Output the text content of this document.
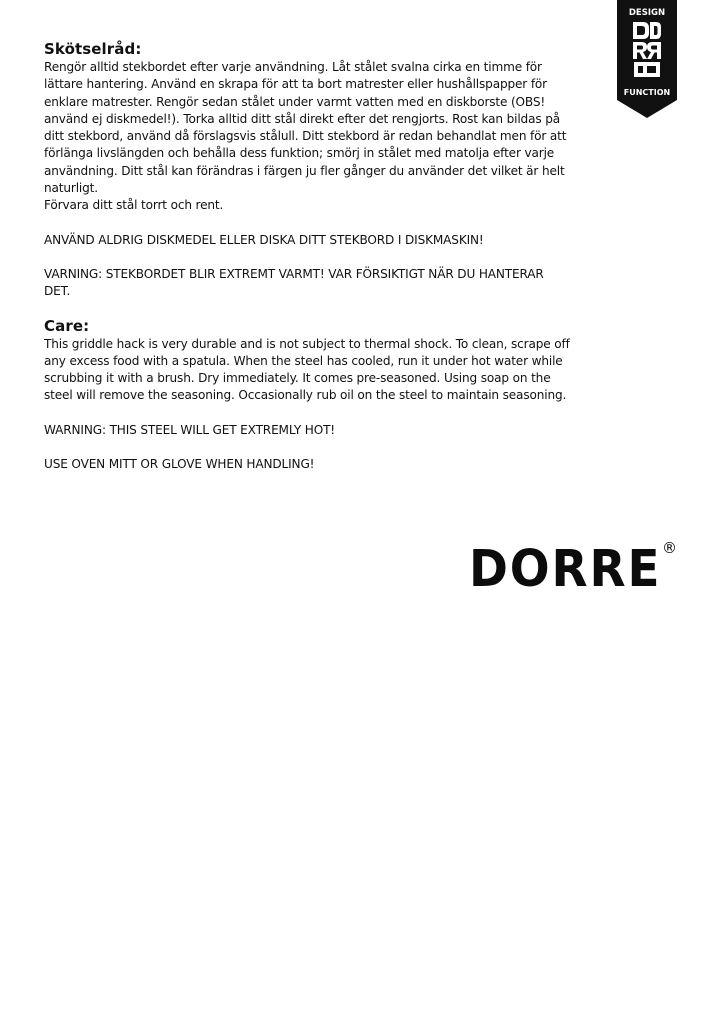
DESIGN
FUNCTION
Skötselråd:

Rengör alltid stekbordet efter varje användning. Låt stålet svalna cirka en timme för

lättare hantering. Använd en skrapa för att ta bort matrester eller hushållspapper för

enklare matrester. Rengör sedan stålet under varmt vatten med en diskborste (OBS!

använd ej diskmedel!). Torka alltid ditt stål direkt efter det rengjorts. Rost kan bildas på

ditt stekbord, använd då förslagsvis stålull. Ditt stekbord är redan behandlat men för att

förlänga livslängden och behålla dess funktion; smörj in stålet med matolja efter varje

användning. Ditt stål kan förändras i färgen ju fler gånger du använder det vilket är helt

naturligt.

Förvara ditt stål torrt och rent.

ANVÄND ALDRIG DISKMEDEL ELLER DISKA DITT STEKBORD I DISKMASKIN!

VARNING: STEKBORDET BLIR EXTREMT VARMT! VAR FÖRSIKTIGT NÄR DU HANTERAR

DET.

Care:

This griddle hack is very durable and is not subject to thermal shock. To clean, scrape off

any excess food with a spatula. When the steel has cooled, run it under hot water while

scrubbing it with a brush. Dry immediately. It comes pre-seasoned. Using soap on the

steel will remove the seasoning. Occasionally rub oil on the steel to maintain seasoning.

WARNING: THIS STEEL WILL GET EXTREMLY HOT!

USE OVEN MITT OR GLOVE WHEN HANDLING!

DORRE ®
